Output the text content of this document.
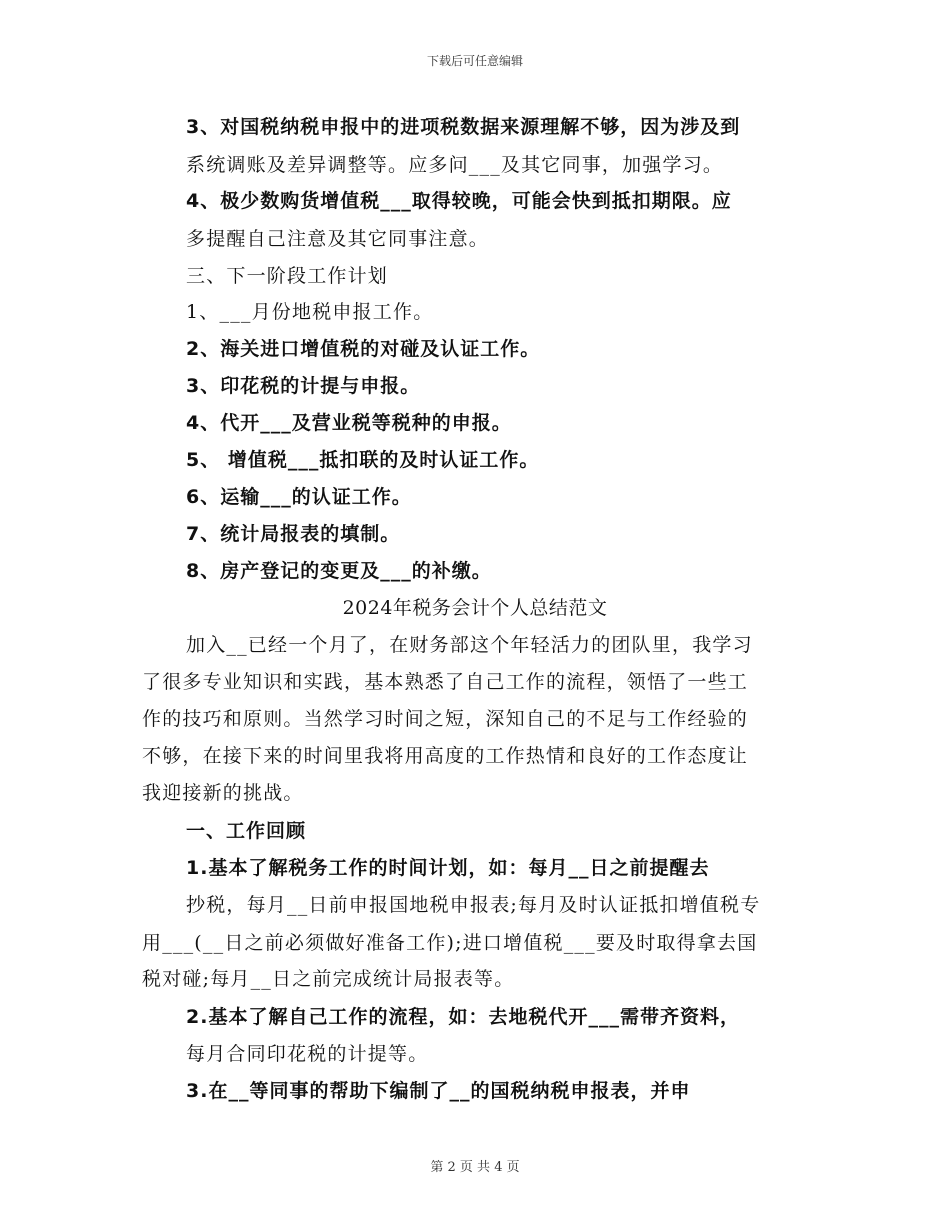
下载后可任意编辑
3、对国税纳税申报中的进项税数据来源理解不够，因为涉及到
系统调账及差异调整等。应多问___及其它同事，加强学习。
4、极少数购货增值税___取得较晚，可能会快到抵扣期限。应
多提醒自己注意及其它同事注意。
三、下一阶段工作计划
1、___月份地税申报工作。
2、海关进口增值税的对碰及认证工作。
3、印花税的计提与申报。
4、代开___及营业税等税种的申报。
5、 增值税___抵扣联的及时认证工作。
6、运输___的认证工作。
7、统计局报表的填制。
8、房产登记的变更及___的补缴。
2024年税务会计个人总结范文
加入__已经一个月了，在财务部这个年轻活力的团队里，我学习
了很多专业知识和实践，基本熟悉了自己工作的流程，领悟了一些工
作的技巧和原则。当然学习时间之短，深知自己的不足与工作经验的
不够，在接下来的时间里我将用高度的工作热情和良好的工作态度让
我迎接新的挑战。
一、工作回顾
1.基本了解税务工作的时间计划，如：每月__日之前提醒去
抄税，每月__日前申报国地税申报表;每月及时认证抵扣增值税专
用___(__日之前必须做好准备工作);进口增值税___要及时取得拿去国
税对碰;每月__日之前完成统计局报表等。
2.基本了解自己工作的流程，如：去地税代开___需带齐资料，
每月合同印花税的计提等。
3.在__等同事的帮助下编制了__的国税纳税申报表，并申
第 2 页 共 4 页
